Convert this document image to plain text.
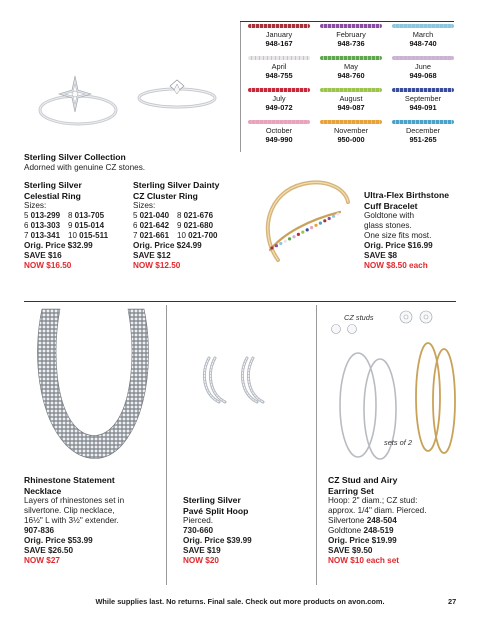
January
948-167
February
948-736
March
948-740
April
948-755
May
948-760
June
949-068
July
949-072
August
949-087
September
949-091
October
949-990
November
950-000
December
951-265
Sterling Silver Collection
Adorned with genuine CZ stones.
Sterling Silver
Celestial Ring
Sizes:
5 013-299 8 013-705
6 013-303 9 015-014
7 013-341 10 015-511
Orig. Price $32.99
SAVE $16
NOW $16.50
Sterling Silver Dainty
CZ Cluster Ring
Sizes:
5 021-040 8 021-676
6 021-642 9 021-680
7 021-661 10 021-700
Orig. Price $24.99
SAVE $12
NOW $12.50
Ultra-Flex Birthstone
Cuff Bracelet
Goldtone with
glass stones.
One size fits most.
Orig. Price $16.99
SAVE $8
NOW $8.50 each
Rhinestone Statement
Necklace
Layers of rhinestones set in
silvertone. Clip necklace,
16½" L with 3½" extender.
907-836
Orig. Price $53.99
SAVE $26.50
NOW $27
Sterling Silver
Pavé Split Hoop
Pierced.
730-660
Orig. Price $39.99
SAVE $19
NOW $20
CZ studs
sets of 2
CZ Stud and Airy
Earring Set
Hoop: 2" diam.; CZ stud:
approx. 1/4" diam. Pierced.
Silvertone 248-504
Goldtone 248-519
Orig. Price $19.99
SAVE $9.50
NOW $10 each set
While supplies last. No returns. Final sale. Check out more products on avon.com.	27
